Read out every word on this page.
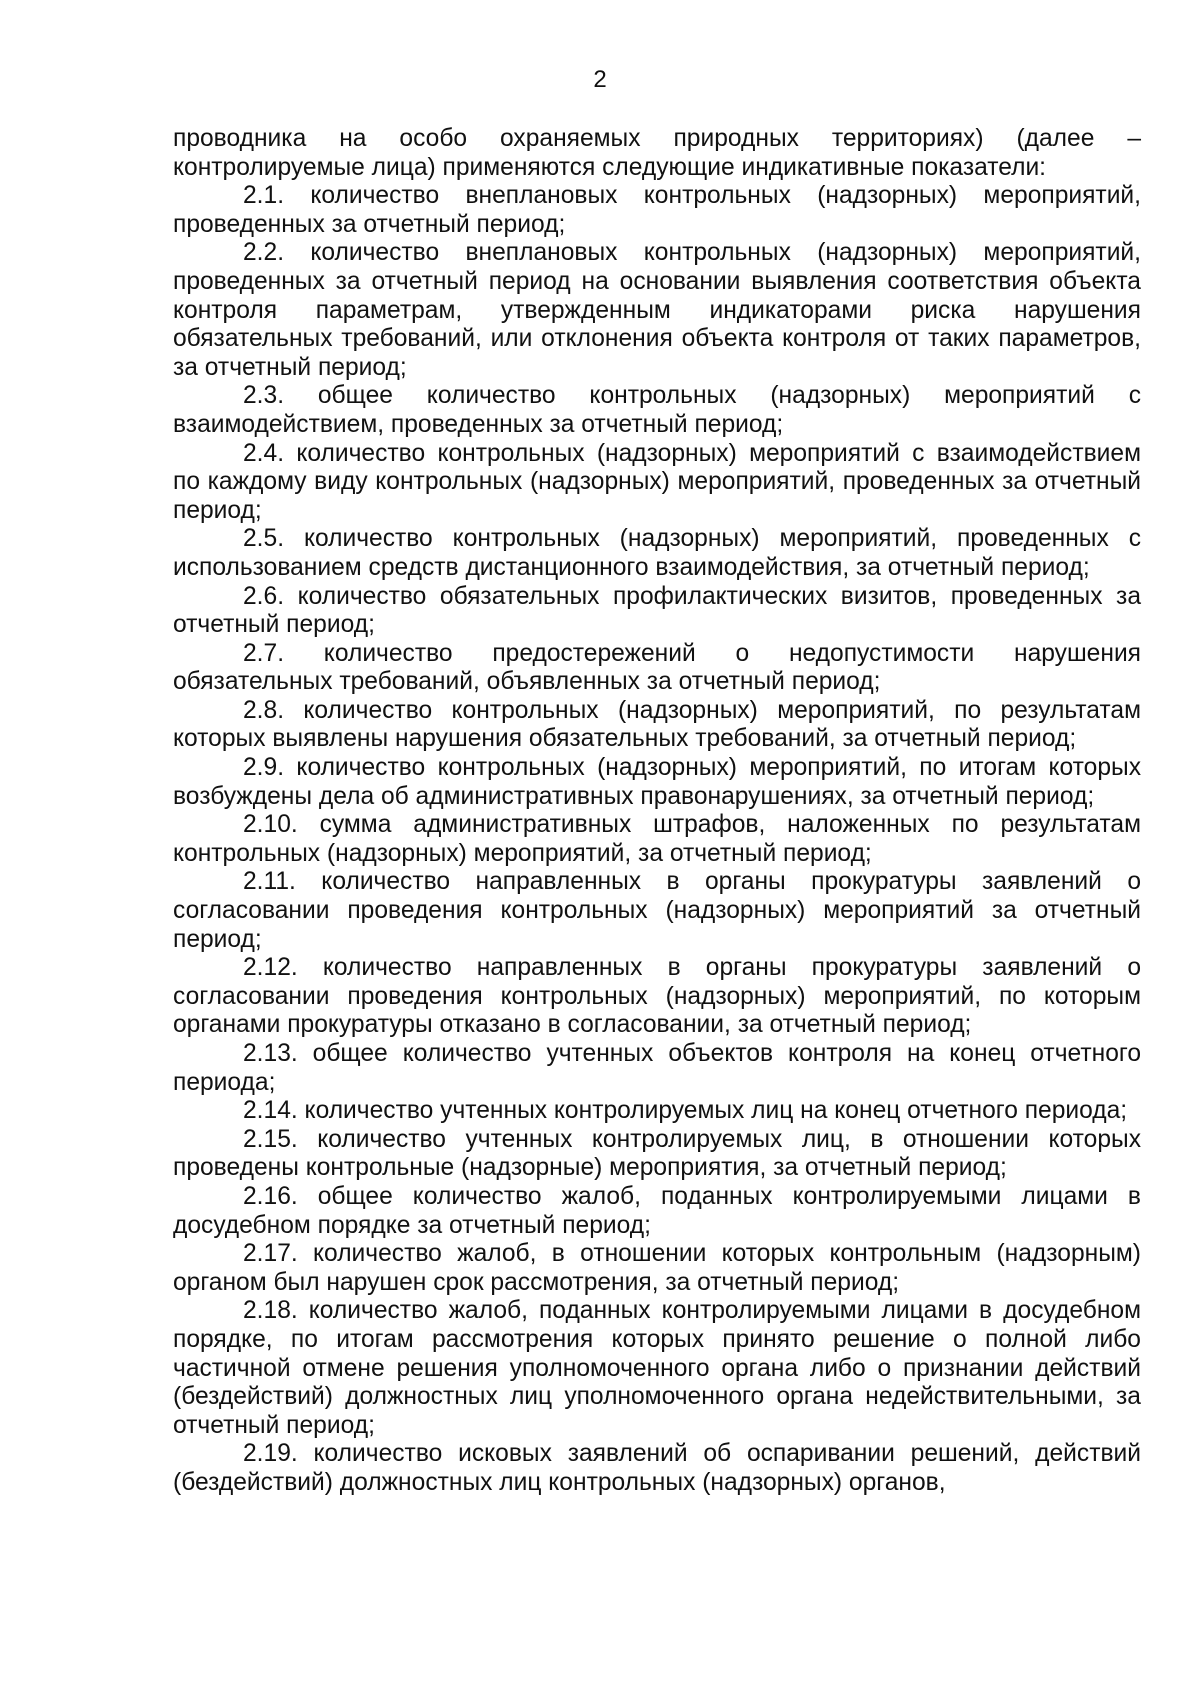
2

проводника на особо охраняемых природных территориях) (далее – контролируемые лица) применяются следующие индикативные показатели:

2.1. количество внеплановых контрольных (надзорных) мероприятий, проведенных за отчетный период;

2.2. количество внеплановых контрольных (надзорных) мероприятий, проведенных за отчетный период на основании выявления соответствия объекта контроля параметрам, утвержденным индикаторами риска нарушения обязательных требований, или отклонения объекта контроля от таких параметров, за отчетный период;

2.3. общее количество контрольных (надзорных) мероприятий с взаимодействием, проведенных за отчетный период;

2.4. количество контрольных (надзорных) мероприятий с взаимодействием по каждому виду контрольных (надзорных) мероприятий, проведенных за отчетный период;

2.5. количество контрольных (надзорных) мероприятий, проведенных с использованием средств дистанционного взаимодействия, за отчетный период;

2.6. количество обязательных профилактических визитов, проведенных за отчетный период;

2.7. количество предостережений о недопустимости нарушения обязательных требований, объявленных за отчетный период;

2.8. количество контрольных (надзорных) мероприятий, по результатам которых выявлены нарушения обязательных требований, за отчетный период;

2.9. количество контрольных (надзорных) мероприятий, по итогам которых возбуждены дела об административных правонарушениях, за отчетный период;

2.10. сумма административных штрафов, наложенных по результатам контрольных (надзорных) мероприятий, за отчетный период;

2.11. количество направленных в органы прокуратуры заявлений о согласовании проведения контрольных (надзорных) мероприятий за отчетный период;

2.12. количество направленных в органы прокуратуры заявлений о согласовании проведения контрольных (надзорных) мероприятий, по которым органами прокуратуры отказано в согласовании, за отчетный период;

2.13. общее количество учтенных объектов контроля на конец отчетного периода;

2.14. количество учтенных контролируемых лиц на конец отчетного периода;

2.15. количество учтенных контролируемых лиц, в отношении которых проведены контрольные (надзорные) мероприятия, за отчетный период;

2.16. общее количество жалоб, поданных контролируемыми лицами в досудебном порядке за отчетный период;

2.17. количество жалоб, в отношении которых контрольным (надзорным) органом был нарушен срок рассмотрения, за отчетный период;

2.18. количество жалоб, поданных контролируемыми лицами в досудебном порядке, по итогам рассмотрения которых принято решение о полной либо частичной отмене решения уполномоченного органа либо о признании действий (бездействий) должностных лиц уполномоченного органа недействительными, за отчетный период;

2.19. количество исковых заявлений об оспаривании решений, действий (бездействий) должностных лиц контрольных (надзорных) органов,
